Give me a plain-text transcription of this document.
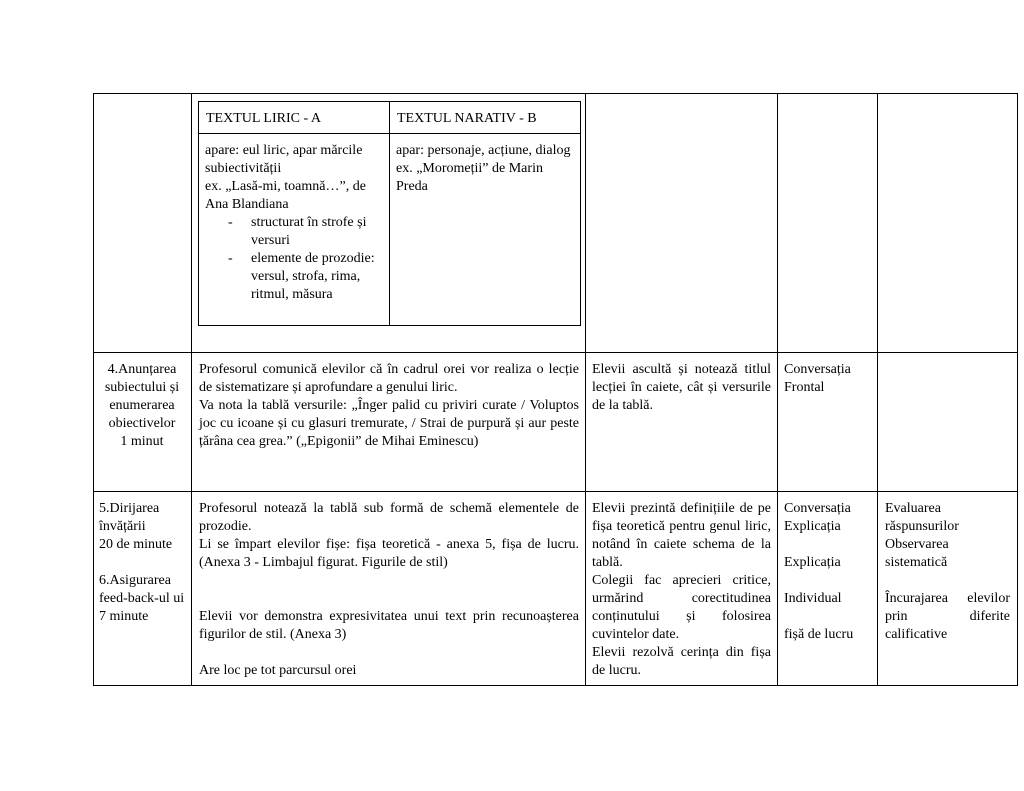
TEXTUL LIRIC - A	TEXTUL NARATIV - B

apare: eul liric, apar mărcile subiectivității
ex. „Lasă-mi, toamnă…”, de Ana Blandiana

- structurat în strofe și versuri
- elemente de prozodie: versul, strofa, rima, ritmul, măsura
apar: personaje, acțiune, dialog
ex. „Moromeții” de Marin Preda
4.Anunțarea subiectului și enumerarea obiectivelor
1 minut

Profesorul comunică elevilor că în cadrul orei vor realiza o lecție de sistematizare și aprofundare a genului liric.

Va nota la tablă versurile: „Înger palid cu priviri curate / Voluptos joc cu icoane și cu glasuri tremurate, / Strai de purpură și aur peste țărâna cea grea.” („Epigonii” de Mihai Eminescu)

Elevii ascultă și notează titlul lecției în caiete, cât și versurile de la tablă.
Conversația
Frontal

5.Dirijarea învățării
20 de minute

6.Asigurarea feed-back-ul ui
7 minute

Profesorul notează la tablă sub formă de schemă elementele de prozodie.
Li se împart elevilor fișe: fișa teoretică - anexa 5, fișa de lucru. (Anexa 3 - Limbajul figurat. Figurile de stil)

Elevii vor demonstra expresivitatea unui text prin recunoașterea figurilor de stil. (Anexa 3)

Are loc pe tot parcursul orei

Elevii prezintă definițiile de pe fișa teoretică pentru genul liric, notând în caiete schema de la tablă.

Colegii fac aprecieri critice, urmărind corectitudinea conținutului și folosirea cuvintelor date.

Elevii rezolvă cerința din fișa de lucru.

Conversația
Explicația

Explicația

Individual

fișă de lucru

Evaluarea răspunsurilor
Observarea sistematică

Încurajarea elevilor prin diferite calificative
